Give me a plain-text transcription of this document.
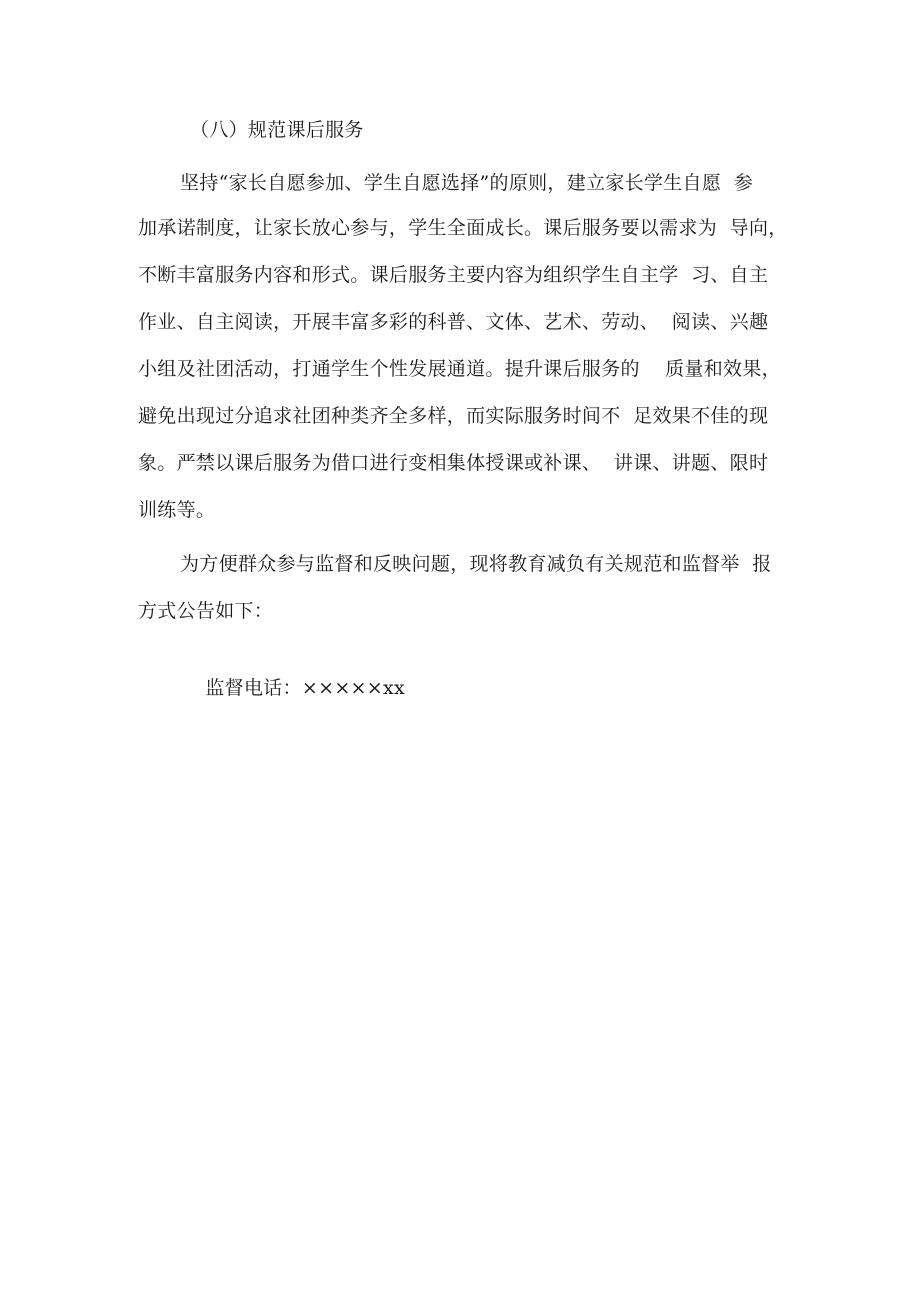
（八）规范课后服务
坚持“家长自愿参加、学生自愿选择”的原则，建立家长学生自愿  参
加承诺制度，让家长放心参与，学生全面成长。课后服务要以需求为  导向，
不断丰富服务内容和形式。课后服务主要内容为组织学生自主学  习、自主
作业、自主阅读，开展丰富多彩的科普、文体、艺术、劳动、  阅读、兴趣
小组及社团活动，打通学生个性发展通道。提升课后服务的    质量和效果，
避免出现过分追求社团种类齐全多样，而实际服务时间不  足效果不佳的现
象。严禁以课后服务为借口进行变相集体授课或补课、  讲课、讲题、限时
训练等。
为方便群众参与监督和反映问题，现将教育减负有关规范和监督举  报
方式公告如下：

监督电话：×××××xx
